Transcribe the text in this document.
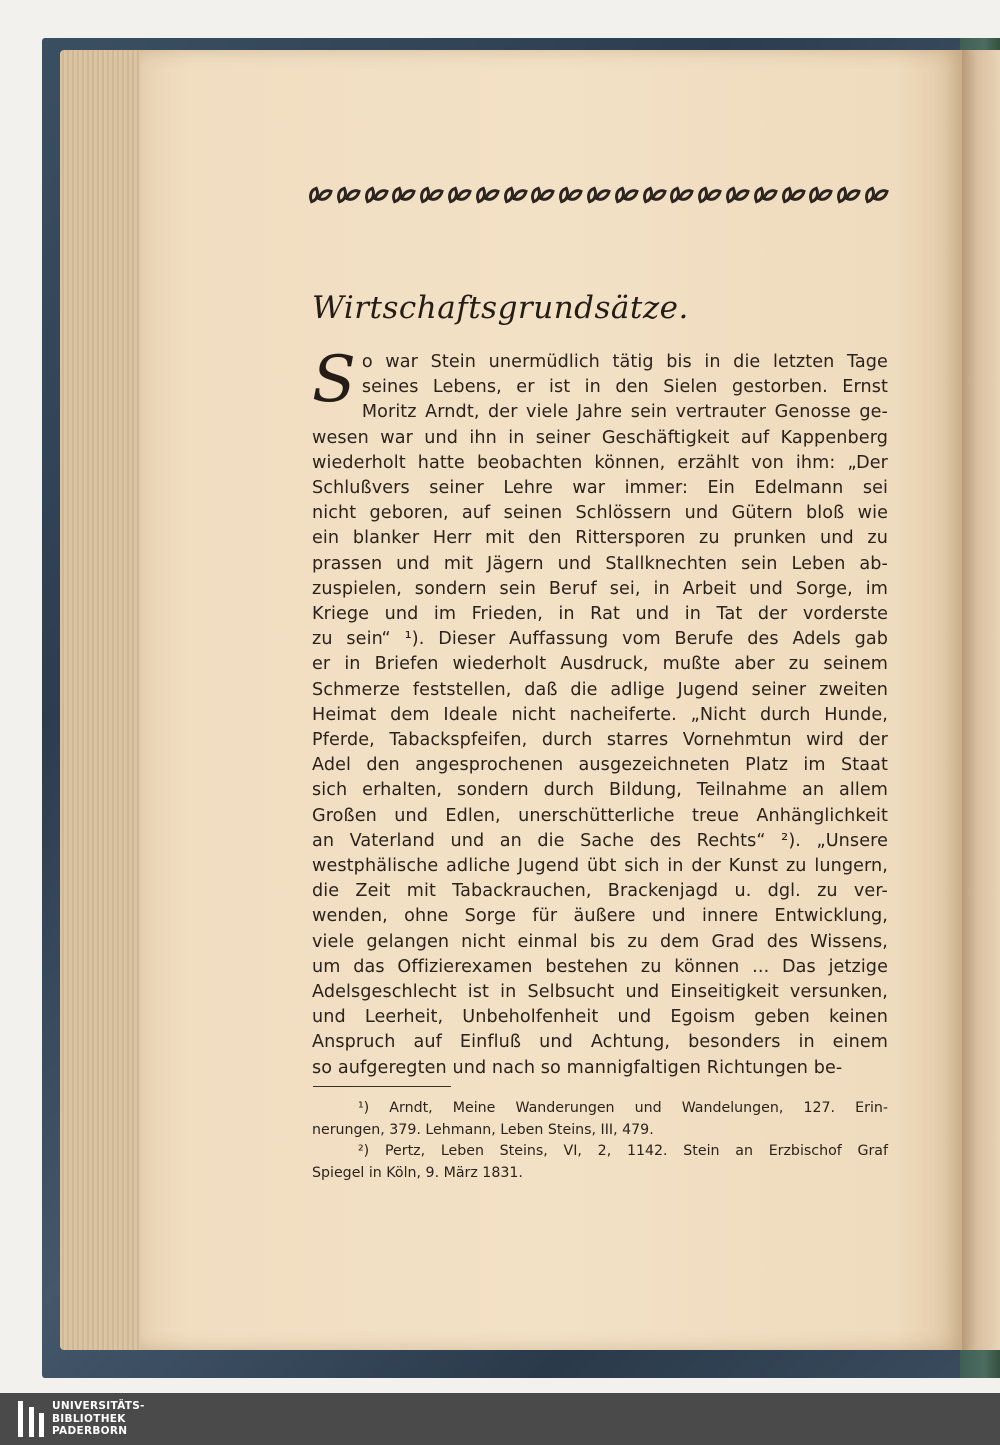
Wirtschaftsgrundsätze.
S o war Stein unermüdlich tätig bis in die letzten Tage
seines Lebens, er ist in den Sielen gestorben. Ernst
Moritz Arndt, der viele Jahre sein vertrauter Genosse ge-
wesen war und ihn in seiner Geschäftigkeit auf Kappenberg
wiederholt hatte beobachten können, erzählt von ihm: „Der
Schlußvers seiner Lehre war immer: Ein Edelmann sei
nicht geboren, auf seinen Schlössern und Gütern bloß wie
ein blanker Herr mit den Rittersporen zu prunken und zu
prassen und mit Jägern und Stallknechten sein Leben ab-
zuspielen, sondern sein Beruf sei, in Arbeit und Sorge, im
Kriege und im Frieden, in Rat und in Tat der vorderste
zu sein“ ¹). Dieser Auffassung vom Berufe des Adels gab
er in Briefen wiederholt Ausdruck, mußte aber zu seinem
Schmerze feststellen, daß die adlige Jugend seiner zweiten
Heimat dem Ideale nicht nacheiferte. „Nicht durch Hunde,
Pferde, Tabackspfeifen, durch starres Vornehmtun wird der
Adel den angesprochenen ausgezeichneten Platz im Staat
sich erhalten, sondern durch Bildung, Teilnahme an allem
Großen und Edlen, unerschütterliche treue Anhänglichkeit
an Vaterland und an die Sache des Rechts“ ²). „Unsere
westphälische adliche Jugend übt sich in der Kunst zu lungern,
die Zeit mit Tabackrauchen, Brackenjagd u. dgl. zu ver-
wenden, ohne Sorge für äußere und innere Entwicklung,
viele gelangen nicht einmal bis zu dem Grad des Wissens,
um das Offizierexamen bestehen zu können ... Das jetzige
Adelsgeschlecht ist in Selbsucht und Einseitigkeit versunken,
und Leerheit, Unbeholfenheit und Egoism geben keinen
Anspruch auf Einfluß und Achtung, besonders in einem
so aufgeregten und nach so mannigfaltigen Richtungen be-
¹) Arndt, Meine Wanderungen und Wandelungen, 127. Erin-
nerungen, 379. Lehmann, Leben Steins, III, 479.
²) Pertz, Leben Steins, VI, 2, 1142. Stein an Erzbischof Graf
Spiegel in Köln, 9. März 1831.
UNIVERSITÄTS-
BIBLIOTHEK
PADERBORN
